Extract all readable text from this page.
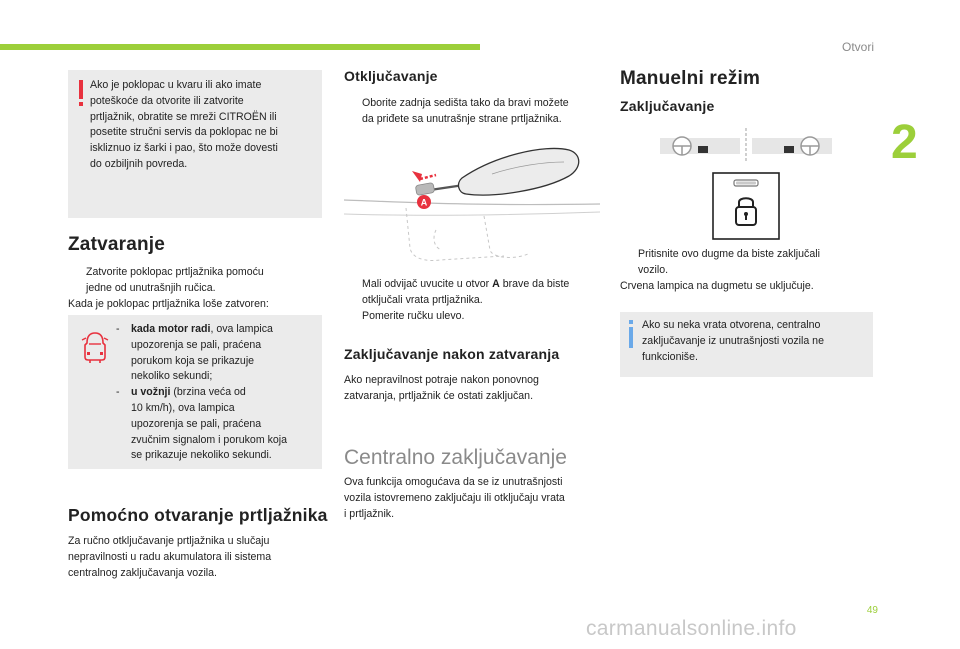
Otvori
2
Ako je poklopac u kvaru ili ako imate
poteškoće da otvorite ili zatvorite
prtljažnik, obratite se mreži CITROËN ili
posetite stručni servis da poklopac ne bi
iskliznuo iz šarki i pao, što može dovesti
do ozbiljnih povreda.
Zatvaranje
Zatvorite poklopac prtljažnika pomoću
jedne od unutrašnjih ručica.
Kada je poklopac prtljažnika loše zatvoren:
- kada motor radi, ova lampica
upozorenja se pali, praćena
porukom koja se prikazuje
nekoliko sekundi;
- u vožnji (brzina veća od
10 km/h), ova lampica
upozorenja se pali, praćena
zvučnim signalom i porukom koja
se prikazuje nekoliko sekundi.
Pomoćno otvaranje prtljažnika
Za ručno otključavanje prtljažnika u slučaju
nepravilnosti u radu akumulatora ili sistema
centralnog zaključavanja vozila.
Otključavanje
Oborite zadnja sedišta tako da bravi možete
da priđete sa unutrašnje strane prtljažnika.
A
Mali odvijač uvucite u otvor A brave da biste
otključali vrata prtljažnika.
Pomerite ručku ulevo.
Zaključavanje nakon zatvaranja
Ako nepravilnost potraje nakon ponovnog
zatvaranja, prtljažnik će ostati zaključan.
Centralno zaključavanje
Ova funkcija omogućava da se iz unutrašnjosti
vozila istovremeno zaključaju ili otključaju vrata
i prtljažnik.
Manuelni režim
Zaključavanje
Pritisnite ovo dugme da biste zaključali
vozilo.
Crvena lampica na dugmetu se uključuje.
Ako su neka vrata otvorena, centralno
zaključavanje iz unutrašnjosti vozila ne
funkcioniše.
49
carmanualsonline.info
